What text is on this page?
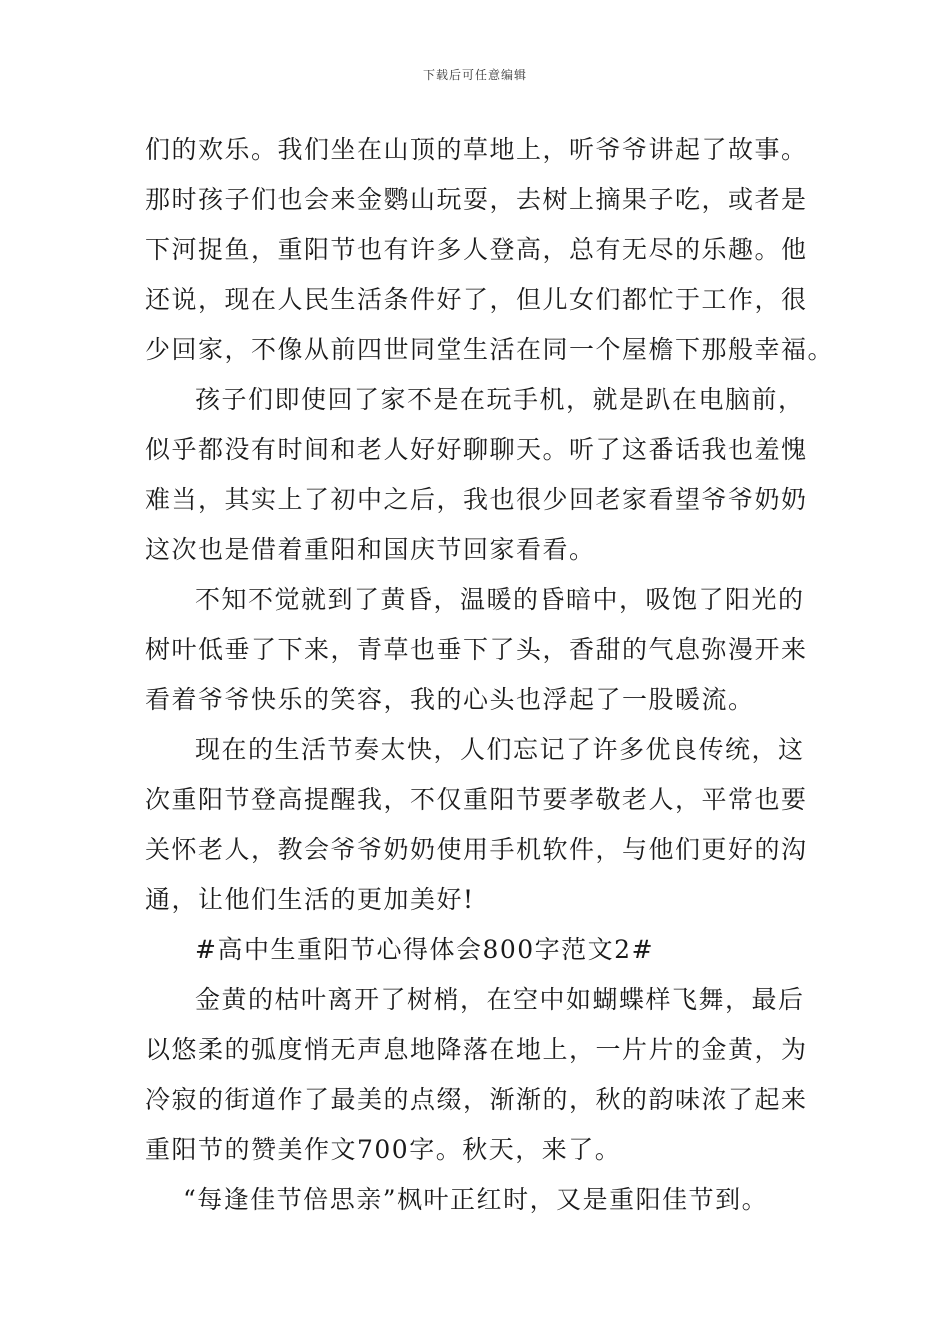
下载后可任意编辑
们的欢乐。我们坐在山顶的草地上，听爷爷讲起了故事。
那时孩子们也会来金鹦山玩耍，去树上摘果子吃，或者是
下河捉鱼，重阳节也有许多人登高，总有无尽的乐趣。他
还说，现在人民生活条件好了，但儿女们都忙于工作，很
少回家，不像从前四世同堂生活在同一个屋檐下那般幸福。
孩子们即使回了家不是在玩手机，就是趴在电脑前，
似乎都没有时间和老人好好聊聊天。听了这番话我也羞愧
难当，其实上了初中之后，我也很少回老家看望爷爷奶奶
这次也是借着重阳和国庆节回家看看。
不知不觉就到了黄昏，温暖的昏暗中，吸饱了阳光的
树叶低垂了下来，青草也垂下了头，香甜的气息弥漫开来
看着爷爷快乐的笑容，我的心头也浮起了一股暖流。
现在的生活节奏太快，人们忘记了许多优良传统，这
次重阳节登高提醒我，不仅重阳节要孝敬老人，平常也要
关怀老人，教会爷爷奶奶使用手机软件，与他们更好的沟
通，让他们生活的更加美好!
#高中生重阳节心得体会800字范文2#
金黄的枯叶离开了树梢，在空中如蝴蝶样飞舞，最后
以悠柔的弧度悄无声息地降落在地上，一片片的金黄，为
冷寂的街道作了最美的点缀，渐渐的，秋的韵味浓了起来
重阳节的赞美作文700字。秋天，来了。
“每逢佳节倍思亲”枫叶正红时，又是重阳佳节到。
